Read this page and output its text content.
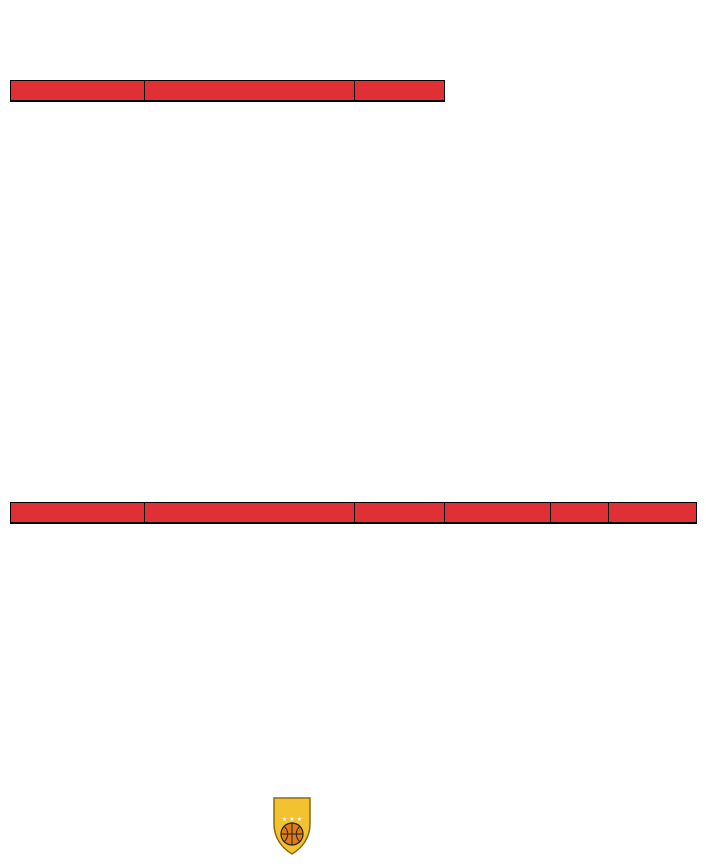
★ ★ ★
